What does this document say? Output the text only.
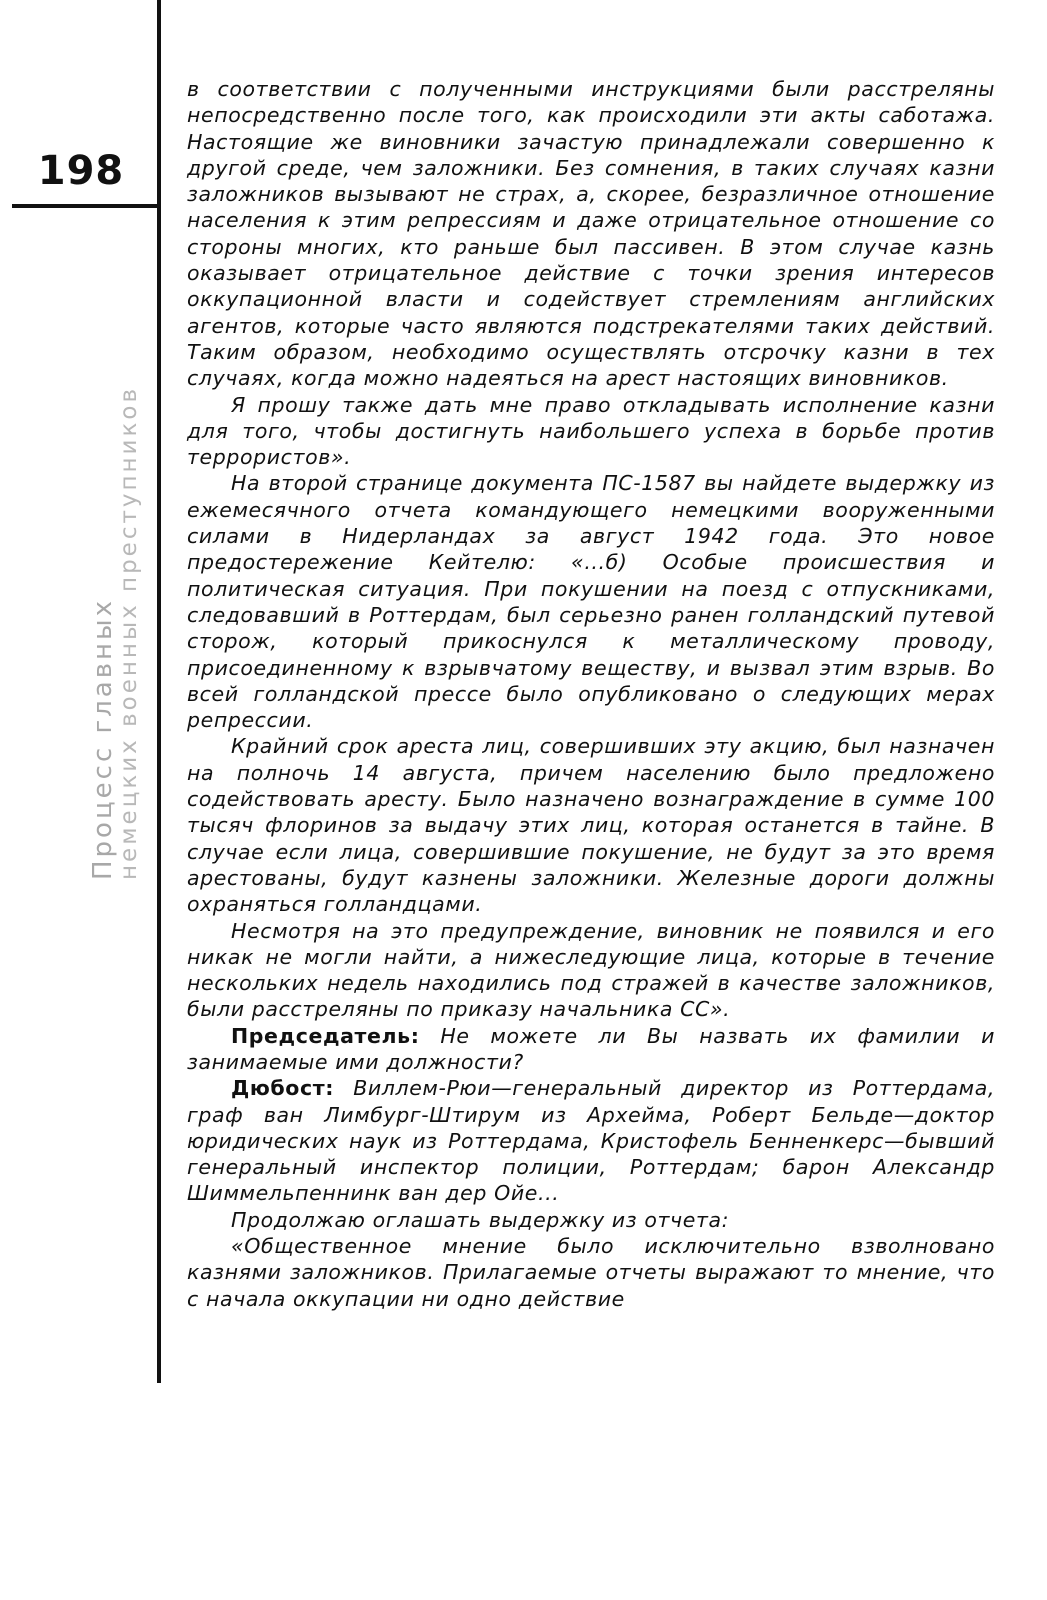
198
Процесс главных
немецких военных преступников

в соответствии с полученными инструкциями были расстреляны непосредственно после того, как происходили эти акты саботажа. Настоящие же виновники зачастую принадлежали совершенно к другой среде, чем заложники. Без сомнения, в таких случаях казни заложников вызывают не страх, а, скорее, безразличное отношение населения к этим репрессиям и даже отрицательное отношение со стороны многих, кто раньше был пассивен. В этом случае казнь оказывает отрицательное действие с точки зрения интересов оккупационной власти и содействует стремлениям английских агентов, которые часто являются подстрекателями таких действий. Таким образом, необходимо осуществлять отсрочку казни в тех случаях, когда можно надеяться на арест настоящих виновников.

Я прошу также дать мне право откладывать исполнение казни для того, чтобы достигнуть наибольшего успеха в борьбе против террористов».

На второй странице документа ПС-1587 вы найдете выдержку из ежемесячного отчета командующего немецкими вооруженными силами в Нидерландах за август 1942 года. Это новое предостережение Кейтелю: «...б) Особые происшествия и политическая ситуация. При покушении на поезд с отпускниками, следовавший в Роттердам, был серьезно ранен голландский путевой сторож, который прикоснулся к металлическому проводу, присоединенному к взрывчатому веществу, и вызвал этим взрыв. Во всей голландской прессе было опубликовано о следующих мерах репрессии.

Крайний срок ареста лиц, совершивших эту акцию, был назначен на полночь 14 августа, причем населению было предложено содействовать аресту. Было назначено вознаграждение в сумме 100 тысяч флоринов за выдачу этих лиц, которая останется в тайне. В случае если лица, совершившие покушение, не будут за это время арестованы, будут казнены заложники. Железные дороги должны охраняться голландцами.

Несмотря на это предупреждение, виновник не появился и его никак не могли найти, а нижеследующие лица, которые в течение нескольких недель находились под стражей в качестве заложников, были расстреляны по приказу начальника СС».

Председатель: Не можете ли Вы назвать их фамилии и занимаемые ими должности?

Дюбост: Виллем-Рюи—генеральный директор из Роттердама, граф ван Лимбург-Штирум из Архейма, Роберт Бельде—доктор юридических наук из Роттердама, Кристофель Бенненкерс—бывший генеральный инспектор полиции, Роттердам; барон Александр Шиммельпеннинк ван дер Ойе...

Продолжаю оглашать выдержку из отчета:

«Общественное мнение было исключительно взволновано казнями заложников. Прилагаемые отчеты выражают то мнение, что с начала оккупации ни одно действие
